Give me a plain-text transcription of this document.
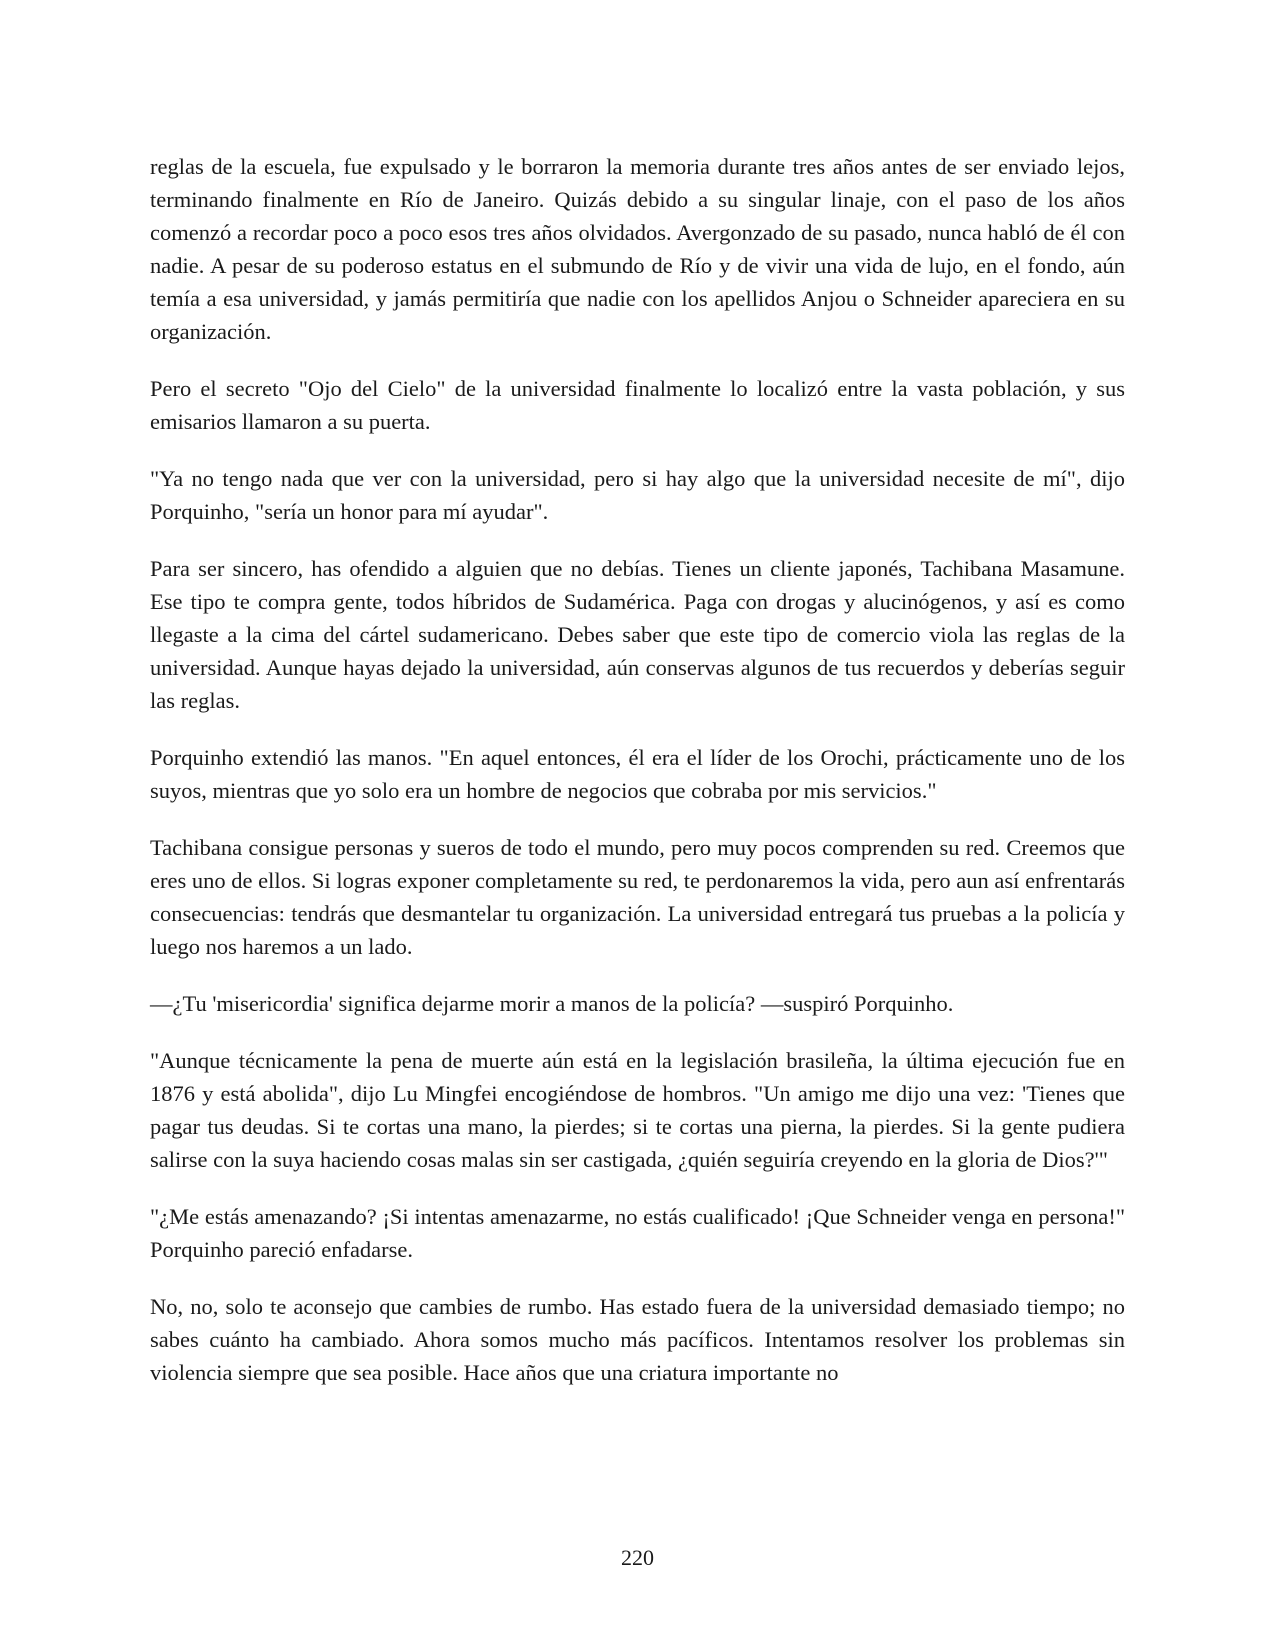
reglas de la escuela, fue expulsado y le borraron la memoria durante tres años antes de ser enviado lejos, terminando finalmente en Río de Janeiro. Quizás debido a su singular linaje, con el paso de los años comenzó a recordar poco a poco esos tres años olvidados. Avergonzado de su pasado, nunca habló de él con nadie. A pesar de su poderoso estatus en el submundo de Río y de vivir una vida de lujo, en el fondo, aún temía a esa universidad, y jamás permitiría que nadie con los apellidos Anjou o Schneider apareciera en su organización.

Pero el secreto "Ojo del Cielo" de la universidad finalmente lo localizó entre la vasta población, y sus emisarios llamaron a su puerta.

"Ya no tengo nada que ver con la universidad, pero si hay algo que la universidad necesite de mí", dijo Porquinho, "sería un honor para mí ayudar".

Para ser sincero, has ofendido a alguien que no debías. Tienes un cliente japonés, Tachibana Masamune. Ese tipo te compra gente, todos híbridos de Sudamérica. Paga con drogas y alucinógenos, y así es como llegaste a la cima del cártel sudamericano. Debes saber que este tipo de comercio viola las reglas de la universidad. Aunque hayas dejado la universidad, aún conservas algunos de tus recuerdos y deberías seguir las reglas.

Porquinho extendió las manos. "En aquel entonces, él era el líder de los Orochi, prácticamente uno de los suyos, mientras que yo solo era un hombre de negocios que cobraba por mis servicios."

Tachibana consigue personas y sueros de todo el mundo, pero muy pocos comprenden su red. Creemos que eres uno de ellos. Si logras exponer completamente su red, te perdonaremos la vida, pero aun así enfrentarás consecuencias: tendrás que desmantelar tu organización. La universidad entregará tus pruebas a la policía y luego nos haremos a un lado.

—¿Tu 'misericordia' significa dejarme morir a manos de la policía? —suspiró Porquinho.

"Aunque técnicamente la pena de muerte aún está en la legislación brasileña, la última ejecución fue en 1876 y está abolida", dijo Lu Mingfei encogiéndose de hombros. "Un amigo me dijo una vez: 'Tienes que pagar tus deudas. Si te cortas una mano, la pierdes; si te cortas una pierna, la pierdes. Si la gente pudiera salirse con la suya haciendo cosas malas sin ser castigada, ¿quién seguiría creyendo en la gloria de Dios?'"

"¿Me estás amenazando? ¡Si intentas amenazarme, no estás cualificado! ¡Que Schneider venga en persona!" Porquinho pareció enfadarse.

No, no, solo te aconsejo que cambies de rumbo. Has estado fuera de la universidad demasiado tiempo; no sabes cuánto ha cambiado. Ahora somos mucho más pacíficos. Intentamos resolver los problemas sin violencia siempre que sea posible. Hace años que una criatura importante no

220
